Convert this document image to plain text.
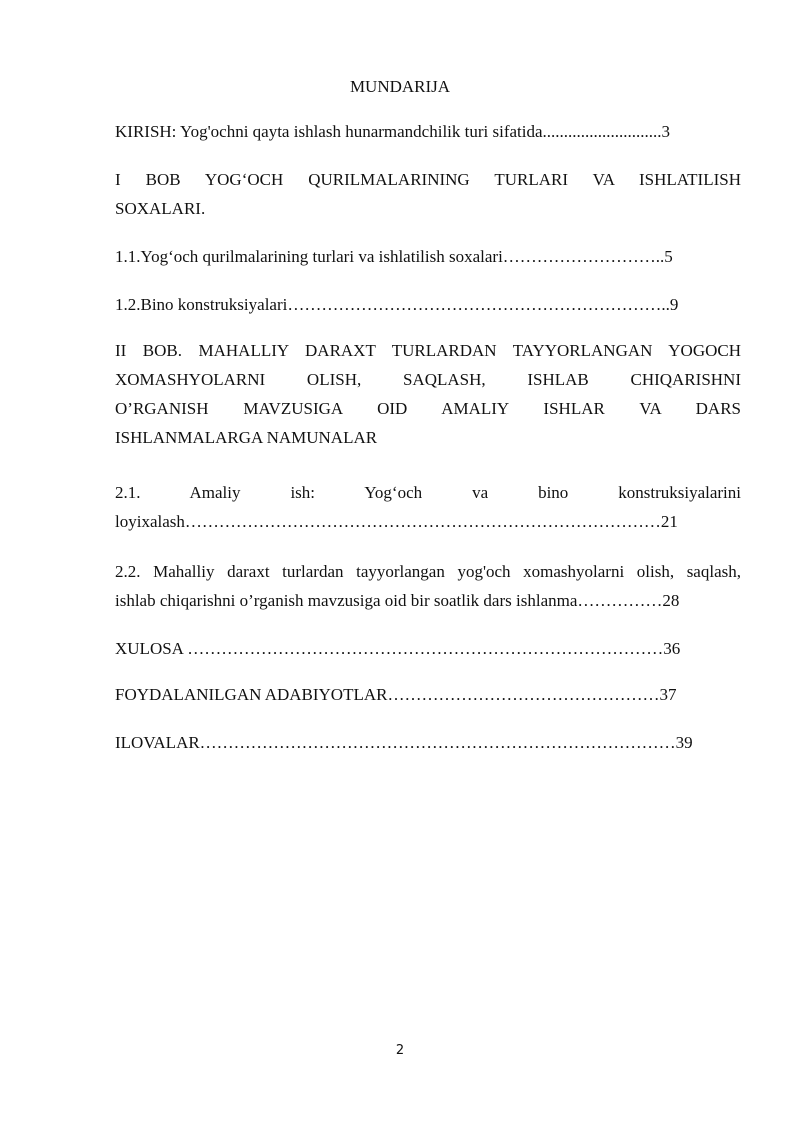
MUNDARIJA
KIRISH: Yog'ochni qayta ishlash hunarmandchilik turi sifatida............................3
I BOB YOG‘OCH QURILMALARINING TURLARI VA ISHLATILISH
SOXALARI.
1.1.Yog‘och qurilmalarining turlari va ishlatilish soxalari………………………..5
1.2.Bino konstruksiyalari…………………………………………………………..9
II BOB. MAHALLIY DARAXT TURLARDAN TAYYORLANGAN YOGOCH
XOMASHYOLARNI OLISH, SAQLASH, ISHLAB CHIQARISHNI
O’RGANISH MAVZUSIGA OID AMALIY ISHLAR VA DARS
ISHLANMALARGA NAMUNALAR
2.1. Amaliy ish: Yog‘och va bino konstruksiyalarini
loyixalash…………………………………………………………………………21
2.2. Mahalliy daraxt turlardan tayyorlangan yog'och xomashyolarni olish, saqlash,
ishlab chiqarishni o’rganish mavzusiga oid bir soatlik dars ishlanma……………28
XULOSA …………………………………………………………………………36
FOYDALANILGAN ADABIYOTLAR…………………………………………37
ILOVALAR…………………………………………………………………………39
2
